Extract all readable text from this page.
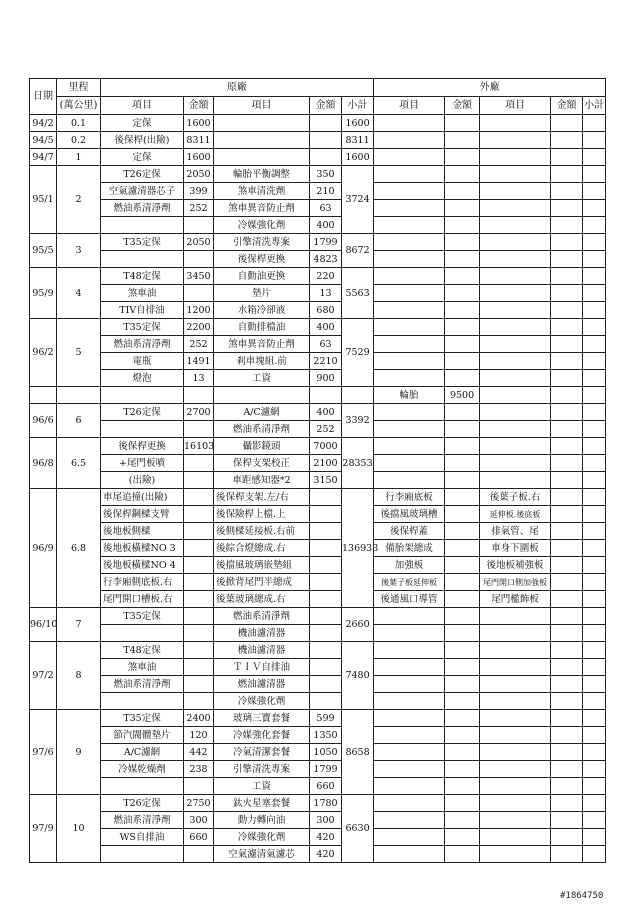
日期	里程	原廠					外廠				
	(萬公里)	項目	金額	項目	金額	小計	項目	金額	項目	金額	小計
94/2	0.1	定保	1600			1600					
94/5	0.2	後保桿(出險)	8311			8311					
94/7	1	定保	1600			1600					
95/1	2	T26定保	2050	輪胎平衡調整	350	3724					
		空氣濾清器芯子	399	煞車清洗劑	210						
		燃油系清淨劑	252	煞車異音防止劑	63						
				冷媒強化劑	400						
95/5	3	T35定保	2050	引擎清洗專案	1799	8672					
				後保桿更換	4823						
95/9	4	T48定保	3450	自動油更換	220	5563					
		煞車油		墊片	13						
		TIV自排油	1200	水箱冷卻液	680						
96/2	5	T35定保	2200	自動排檔油	400	7529					
		燃油系清淨劑	252	煞車異音防止劑	63						
		電瓶	1491	剎車塊組.前	2210						
		燈泡	13	工資	900						
							輪胎	9500			
96/6	6	T26定保	2700	A/C濾網	400	3392					
				燃油系清淨劑	252						
96/8	6.5	後保桿更換	16103	攝影鏡頭	7000	28353					
		+尾門板噴		保桿支架校正	2100						
		(出險)		車距感知器*2	3150						
96/9	6.8	車尾追撞(出險)		後保桿支架.左/右		136933	行李廂底板		後葉子板.右		
		後保桿鋼樑支臂		後保險桿上檔.上			後擋風玻璃槽		延伸板.後底板		
		後地板側樑		後側樑延接板.右前			後保桿蓋		排氣管、尾		
		後地板橫樑NO 3		後綜合燈總成.右			備胎架總成		車身下圍板		
		後地板橫樑NO 4		後擋風玻璃嵌墊組			加強板		後地板補強板		
		行李廂側底板.右		後掀背尾門半總成			後葉子板延伸板		尾門開口側加強板		
		尾門開口槽板.右		後葉玻璃總成.右			後通風口導管		尾門檻飾板		
96/10	7	T35定保		燃油系清淨劑		2660					
				機油濾清器							
97/2	8	T48定保		機油濾清器		7480					
		煞車油		ＴＩＶ自排油							
		燃油系清淨劑		燃油濾清器							
				冷媒強化劑							
97/6	9	T35定保	2400	玻璃三寶套餐	599	8658					
		節汽閥體墊片	120	冷媒強化套餐	1350						
		A/C濾網	442	冷氣清潔套餐	1050						
		冷媒乾燥劑	238	引擎清洗專案	1799						
				工資	660						
97/9	10	T26定保	2750	鈦火星塞套餐	1780	6630					
		燃油系清淨劑	300	動力轉向油	300						
		WS自排油	660	冷媒強化劑	420						
				空氣濾清氣濾芯	420						
#1864750
